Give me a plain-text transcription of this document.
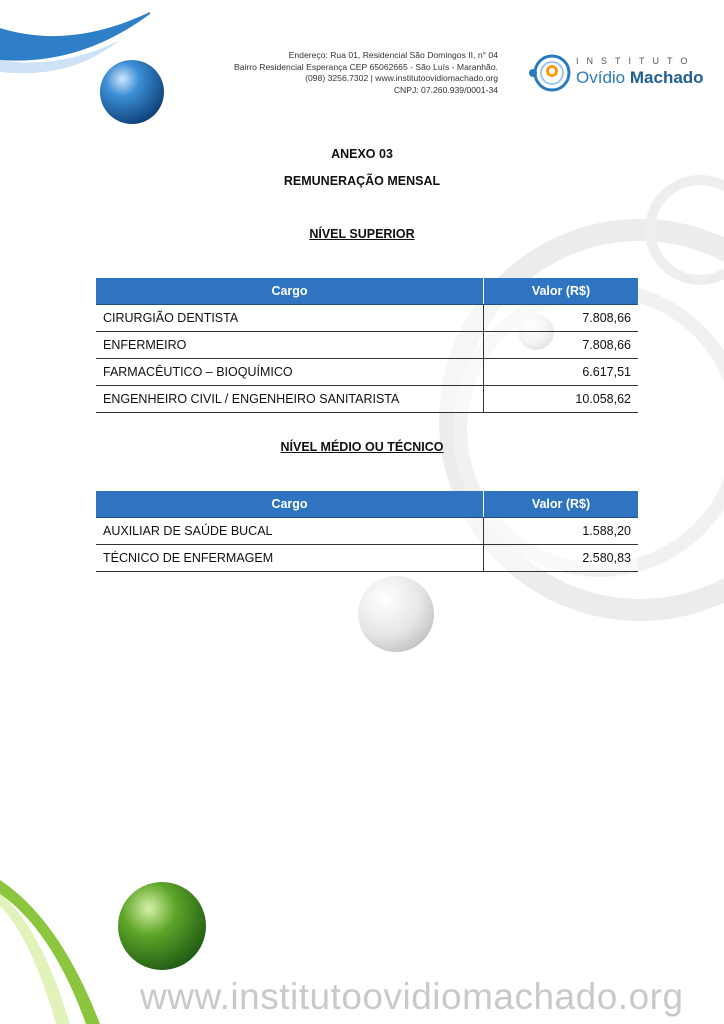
Endereço: Rua 01, Residencial São Domingos II, n° 04
Bairro Residencial Esperança CEP 65062665 - São Luís - Maranhão.
(098) 3256.7302 | www.institutoovidiomachado.org
CNPJ: 07.260.939/0001-34
INSTITUTO
Ovídio Machado
ANEXO 03
REMUNERAÇÃO MENSAL
NÍVEL SUPERIOR
Cargo	Valor (R$)
CIRURGIÃO DENTISTA	7.808,66
ENFERMEIRO	7.808,66
FARMACÊUTICO – BIOQUÍMICO	6.617,51
ENGENHEIRO CIVIL / ENGENHEIRO SANITARISTA	10.058,62
NÍVEL MÉDIO OU TÉCNICO
Cargo	Valor (R$)
AUXILIAR DE SAÚDE BUCAL	1.588,20
TÉCNICO DE ENFERMAGEM	2.580,83
www.institutoovidiomachado.org
